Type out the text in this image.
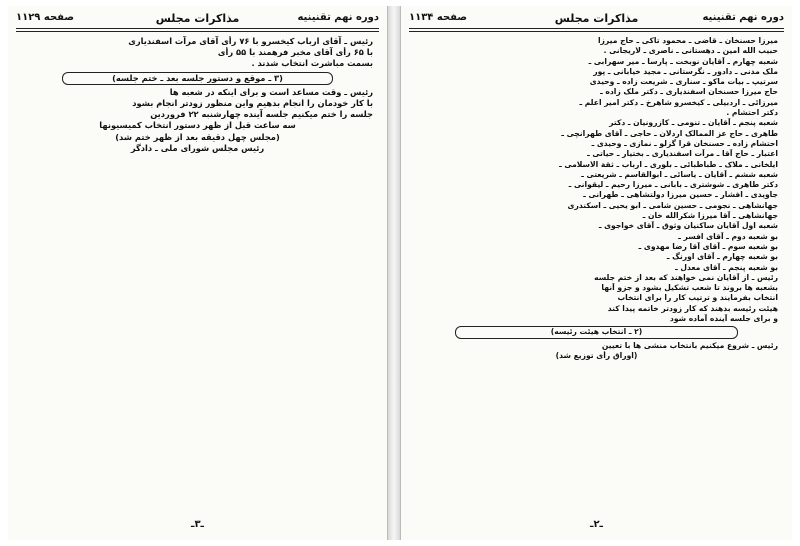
دوره نهم تقنینیه
مذاکرات مجلس
صفحه ۱۱۲۹

رئیس ـ آقای ارباب کیخسرو با ۷۶ رأی آقای مرآت اسفندیاری

با ۶۵ رأی آقای مخبر فرهمند با ۵۵ رأی

بسمت مباشرت انتخاب شدند .

(۳ ـ موقع و دستور جلسه بعد ـ ختم جلسه)

رئیس ـ وقت مساعد است و برای اینکه در شعبه ها

با کار خودمان را انجام بدهیم واین منظور زودتر انجام بشود

جلسه را ختم میکنیم جلسه آینده چهارشنبه ۲۲ فروردین

سه ساعت قبل از ظهر دستور انتخاب کمیسیونها

(مجلس چهل دقیقه بعد از ظهر ختم شد)

رئیس مجلس شورای ملی ـ دادگر

ـ۳ـ
دوره نهم تقنینیه
مذاکرات مجلس
صفحه ۱۱۳۴

میرزا حسنخان ـ قاضی ـ محمود تاکی ـ حاج میرزا

حبیب الله امین ـ دهستانی ـ ناصری ـ لاریجانی .

شعبه چهارم ـ آقایان نوبخت ـ پارسا ـ میر سهرابی ـ

ملک مدنی ـ دادور ـ نگرستانی ـ مجید خیابانی ـ پور

سرتیپ ـ بیات ماکو ـ سناری ـ شریعت زاده ـ وحیدی

حاج میرزا حسنخان اسفندیاری ـ دکتر ملک زاده ـ

میرزائی ـ اردبیلی ـ کیخسرو شاهرخ ـ دکتر امیر اعلم ـ

دکتر احتشام .

شعبه پنجم ـ آقایان ـ تنومی ـ کازرونیان ـ دکتر

طاهری ـ حاج عز الممالک اردلان ـ حاجی ـ آقای طهرانچی ـ

احتشام زاده ـ حسنخان قرا گزلو ـ نمازی ـ وحیدی ـ

اعتبار ـ حاج آقا ـ مرآت اسفندیاری ـ بختیار ـ حیاتی ـ

ایلخانی ـ ملاک ـ طباطبائی ـ بلوری ـ ارباب ـ ثقة الاسلامی ـ

شعبه ششم ـ آقایان ـ یاسائی ـ ابوالقاسم ـ شریعتی ـ

دکتر طاهری ـ شوشتری ـ بابانی ـ میرزا رحیم ـ لیقوانی ـ

جاویدی ـ افشار ـ حسین میرزا دولتشاهی ـ طهرانی ـ

جهانشاهی ـ نجومی ـ حسین شامی ـ ابو یحیی ـ اسکندری

جهانشاهی ـ آقا میرزا شکرالله خان ـ

شعبه اول آقایان ساکنیان وثوق ـ آقای خواجوی ـ

بو شعبه دوم ـ آقای افسر ـ

بو شعبه سوم ـ آقای آقا رضا مهدوی ـ

بو شعبه چهارم ـ آقای اورنگ ـ

بو شعبه پنجم ـ آقای معدل ـ

رئیس ـ از آقایان نمی خواهند که بعد از ختم جلسه

بشعبه ها بروند تا شعب تشکیل بشود و جزو آنها

انتخاب بفرمایند و ترتیب کار را برای انتخاب

هیئت رئیسه بدهند که کار زودتر خاتمه پیدا کند

و برای جلسه آینده آماده شود

(۲ ـ انتخاب هیئت رئیسه)

رئیس ـ شروع میکنیم بانتخاب منشی ها با تعیین

(اوراق رأی توزیع شد)

ـ۲ـ
